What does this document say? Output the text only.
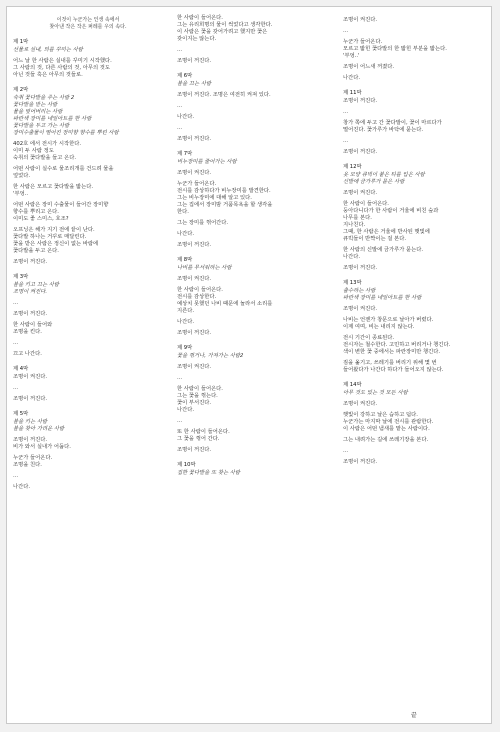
이것이 누군가는 인생 속에서
찾아낸 작은 작은 퍼레를 우의 속다.
제 1막
선물로 실내, 의를 꾸미는 사람
어느 날 한 사람은 실내를 꾸미기 시작했다.
그 사람의 것, 다른 사람의 것, 아무의 것도
아닌 것들 혹은 아무의 것들로.
제 2막
숙취 꽃다발을 주는 사람 2
꽃다발을 받는 사람
물을 엎어버리는 사람
파란색 장미를 네일아트를 한 사람
꽃다발을 두고 가는 사람
장미수출물이 떨어진 장미향 향수를 뿌린 사람
402호 에서 전시가 시작한다.
이미 두 사람 정도
숙취의 꽃다발을 들고 온다.
어떤 사람이 실수로 물조리개를 건드려 물을
엎었다.
한 사람은 모르고 꽃다발을 밟는다.
'부엉..
어떤 사람은 장미 수출물이 들어간 장미향
향수를 뿌리고 온다.
이미도 좋 스미스, 호조?
오프닝은 해가 지기 전에 끝이 난다.
꽃다발 하나는 거꾸로 매달린다.
꽃을 받은 사람은 정신이 없는 바람에
꽃다발을 두고 온다.
조명이 꺼진다.
제 3막
불을 키고 끄는 사람
조명이 켜진다.
...
조명이 꺼진다.
한 사람이 들어와
조명을 킨다.
...
끄고 나간다.
제 4막
조명이 켜진다.
...
조명이 꺼진다.
제 5막
불을 키는 사람
불을 찾아 가려운 사람
조명이 꺼진다.
비가 와서 실내가 어둡다.
누군가 들어온다.
조명을 친다.
...
나간다.
한 사람이 들어온다.
그는 유리희명의 물이 썩었다고 생각한다.
이 사람은 꽃을 갖어가려고 했지만 꽃은
갖이지는 않는다.
...
조명이 꺼진다.
제 6막
불을 끄는 사람
조명이 꺼진다. 조명은 여전히 켜져 있다.
...
나간다.
...
조명이 꺼진다.
제 7막
비누장미를 줄어가는 사람
조명이 켜진다.
누군가 들어온다.
전시를 감상하다가 비누장미를 발견한다.
그는 비누장미에 대해 알고 있다.
그는 집에서 장미밤 거품목욕을 할 생각을
한다.
그는 장미를 꺾어간다.
나간다.
조명이 꺼진다.
제 8막
나비를 무서워하는 사람
조명이 켜진다.
한 사람이 들어온다.
전시를 감상한다.
예상치 못했던 나비 때문에 놀라서 소리를
지른다.
나간다.
조명이 꺼진다.
제 9막
꽃을 꺾거나, 가져가는 사람2
조명이 켜진다.
...
한 사람이 들어온다.
그는 꽃을 꺾는다.
꽃이 부서진다.
나간다.
...
또 한 사람이 들어온다.
그 꽃을 꺾어 간다.
조명이 꺼진다.
제 10막
집한 꽃다발을 또 찾는 사람
조명이 켜진다.
...
누군가 들어온다.
모르고 밟힌 꽃다발의 한 밟힌 부분을 밟는다.
'부엉..'
조명이 어느새 꺼졌다.
나간다.
제 11막
조명이 꺼진다.
...
창가 쪽에 두고 간 꽃다발이, 꽃이 마르다가
떨어진다. 꽃가루가 바닥에 묻는다.
...
조명이 꺼진다.
제 12막
옷 모양 큐빅이 붙은 티를 입은 사람
신발에 금가루가 묻은 사람
조명이 켜진다.
한 사람이 들어온다.
둥아다니다가 한 사람이 거울에 비친 숲과
나무를 본다.
지나친다.
그때, 한 사람은 거울에 반사된 햇빛에
큐빅들이 반짝이는 걸 본다.
한 사람의 신발에 금가루가 묻는다.
나간다.
조명이 꺼진다.
제 13막
출수하는 사람
파란색 장미를 네일아트를 한 사람
조명이 켜진다.
나비는 언젠가 창문으로 날아가 버렸다.
이제 여며, 비는 내리지 않는다.
전시 기간이 종료된다.
전시자는 철수한다. 고민하고 버리거나 챙긴다.
색이 변한 꽃 중에서는 파란장미만 챙긴다.
짐을 옮기고, 쓰레기를 버리기 위해 몇 번
들어왔다가 나간다 하다가 들어오지 않는다.
제 14막
아무 것도 있는 것 모든 사람
조명이 켜진다.
햇빛이 강하고 날은 습하고 덥다.
누군가는 마지막 날에 전시를 관람한다.
이 사람은 어떤 냄새를 맡는 사람이다.
그는 내려가는 길에 쓰레기장을 본다.
...
조명이 꺼진다.
끝
